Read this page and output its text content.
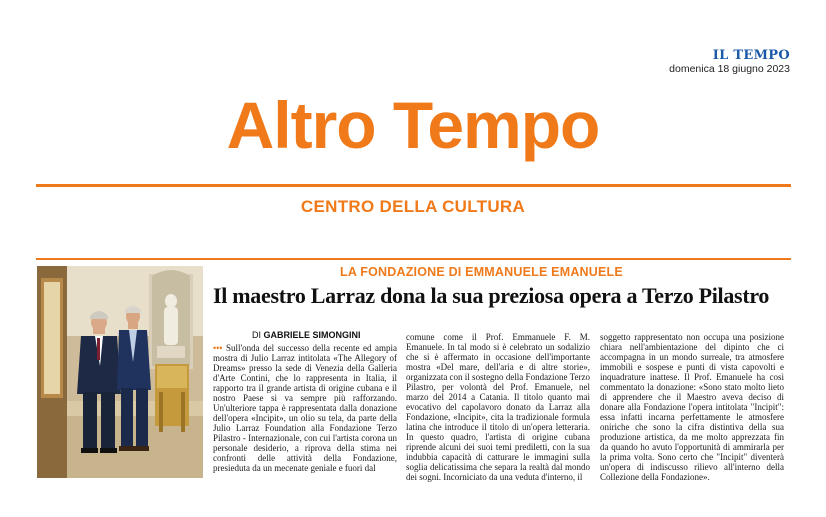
IL TEMPO
domenica 18 giugno 2023
Altro Tempo
CENTRO DELLA CULTURA
LA FONDAZIONE DI EMMANUELE EMANUELE
Il maestro Larraz dona la sua preziosa opera a Terzo Pilastro
DI GABRIELE SIMONGINI

••• Sull'onda del successo della recente ed ampia mostra di Julio Larraz intitolata «The Allegory of Dreams» presso la sede di Venezia della Galleria d'Arte Contini, che lo rappresenta in Italia, il rapporto tra il grande artista di origine cubana e il nostro Paese si va sempre più rafforzando. Un'ulteriore tappa è rappresentata dalla donazione dell'opera «Incipit», un olio su tela, da parte della Julio Larraz Foundation alla Fondazione Terzo Pilastro - Internazionale, con cui l'artista corona un personale desiderio, a riprova della stima nei confronti delle attività della Fondazione, presieduta da un mecenate geniale e fuori dal

comune come il Prof. Emmanuele F. M. Emanuele. In tal modo si è celebrato un sodalizio che si è affermato in occasione dell'importante mostra «Del mare, dell'aria e di altre storie», organizzata con il sostegno della Fondazione Terzo Pilastro, per volontà del Prof. Emanuele, nel marzo del 2014 a Catania. Il titolo quanto mai evocativo del capolavoro donato da Larraz alla Fondazione, «Incipit», cita la tradizionale formula latina che introduce il titolo di un'opera letteraria. In questo quadro, l'artista di origine cubana riprende alcuni dei suoi temi prediletti, con la sua indubbia capacità di catturare le immagini sulla soglia delicatissima che separa la realtà dal mondo dei sogni. Incorniciato da una veduta d'interno, il

soggetto rappresentato non occupa una posizione chiara nell'ambientazione del dipinto che ci accompagna in un mondo surreale, tra atmosfere immobili e sospese e punti di vista capovolti e inquadrature inattese. Il Prof. Emanuele ha così commentato la donazione: «Sono stato molto lieto di apprendere che il Maestro aveva deciso di donare alla Fondazione l'opera intitolata "Incipit": essa infatti incarna perfettamente le atmosfere oniriche che sono la cifra distintiva della sua produzione artistica, da me molto apprezzata fin da quando ho avuto l'opportunità di ammirarla per la prima volta. Sono certo che "Incipit" diventerà un'opera di indiscusso rilievo all'interno della Collezione della Fondazione».
